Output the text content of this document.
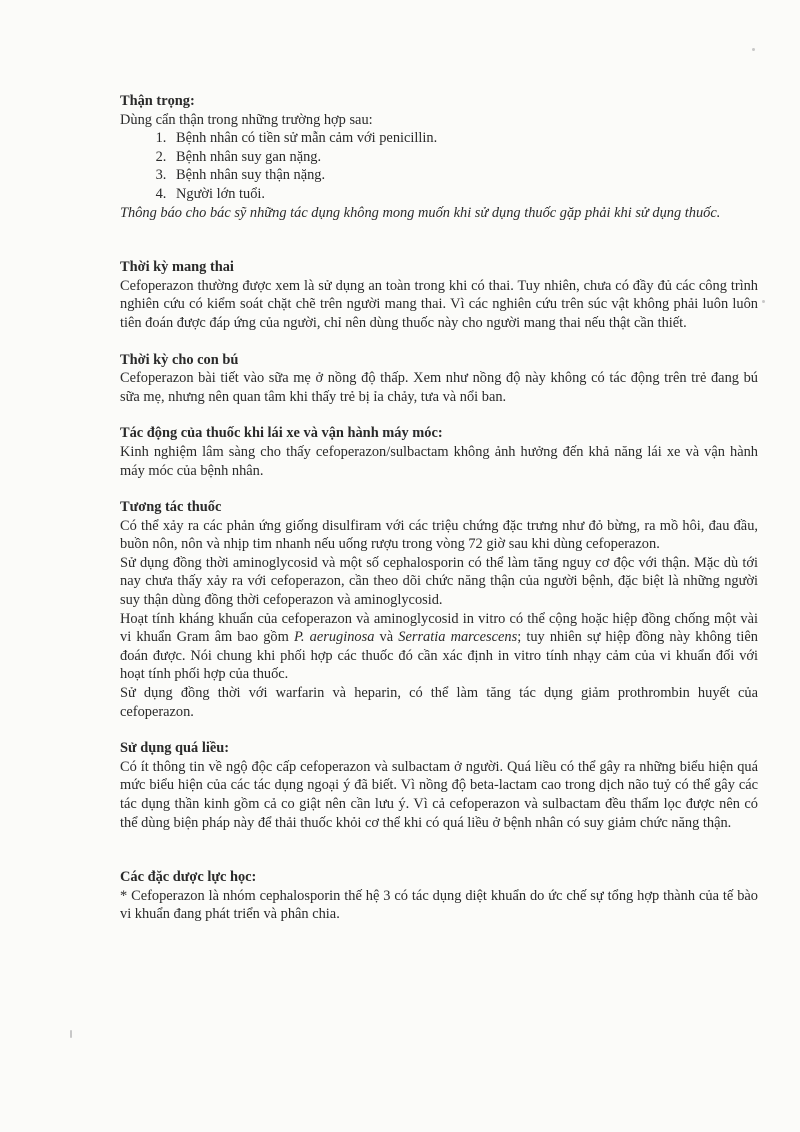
Thận trọng:

Dùng cẩn thận trong những trường hợp sau:

1. Bệnh nhân có tiền sử mẫn cảm với penicillin.
2. Bệnh nhân suy gan nặng.
3. Bệnh nhân suy thận nặng.
4. Người lớn tuổi.

Thông báo cho bác sỹ những tác dụng không mong muốn khi sử dụng thuốc gặp phải khi sử dụng thuốc.

Thời kỳ mang thai

Cefoperazon thường được xem là sử dụng an toàn trong khi có thai. Tuy nhiên, chưa có đầy đủ các công trình nghiên cứu có kiểm soát chặt chẽ trên người mang thai. Vì các nghiên cứu trên súc vật không phải luôn luôn tiên đoán được đáp ứng của người, chỉ nên dùng thuốc này cho người mang thai nếu thật cần thiết.

Thời kỳ cho con bú

Cefoperazon bài tiết vào sữa mẹ ở nồng độ thấp. Xem như nồng độ này không có tác động trên trẻ đang bú sữa mẹ, nhưng nên quan tâm khi thấy trẻ bị ỉa chảy, tưa và nổi ban.

Tác động của thuốc khi lái xe và vận hành máy móc:

Kinh nghiệm lâm sàng cho thấy cefoperazon/sulbactam không ảnh hưởng đến khả năng lái xe và vận hành máy móc của bệnh nhân.

Tương tác thuốc

Có thể xảy ra các phản ứng giống disulfiram với các triệu chứng đặc trưng như đỏ bừng, ra mồ hôi, đau đầu, buồn nôn, nôn và nhịp tim nhanh nếu uống rượu trong vòng 72 giờ sau khi dùng cefoperazon.

Sử dụng đồng thời aminoglycosid và một số cephalosporin có thể làm tăng nguy cơ độc với thận. Mặc dù tới nay chưa thấy xảy ra với cefoperazon, cần theo dõi chức năng thận của người bệnh, đặc biệt là những người suy thận dùng đồng thời cefoperazon và aminoglycosid.

Hoạt tính kháng khuẩn của cefoperazon và aminoglycosid in vitro có thể cộng hoặc hiệp đồng chống một vài vi khuẩn Gram âm bao gồm P. aeruginosa và Serratia marcescens; tuy nhiên sự hiệp đồng này không tiên đoán được. Nói chung khi phối hợp các thuốc đó cần xác định in vitro tính nhạy cảm của vi khuẩn đối với hoạt tính phối hợp của thuốc.

Sử dụng đồng thời với warfarin và heparin, có thể làm tăng tác dụng giảm prothrombin huyết của cefoperazon.

Sử dụng quá liều:

Có ít thông tin về ngộ độc cấp cefoperazon và sulbactam ở người. Quá liều có thể gây ra những biểu hiện quá mức biểu hiện của các tác dụng ngoại ý đã biết. Vì nồng độ beta-lactam cao trong dịch não tuỷ có thể gây các tác dụng thần kinh gồm cả co giật nên cần lưu ý. Vì cả cefoperazon và sulbactam đều thẩm lọc được nên có thể dùng biện pháp này để thải thuốc khỏi cơ thể khi có quá liều ở bệnh nhân có suy giảm chức năng thận.

Các đặc dược lực học:

* Cefoperazon là nhóm cephalosporin thế hệ 3 có tác dụng diệt khuẩn do ức chế sự tổng hợp thành của tế bào vi khuẩn đang phát triển và phân chia.
